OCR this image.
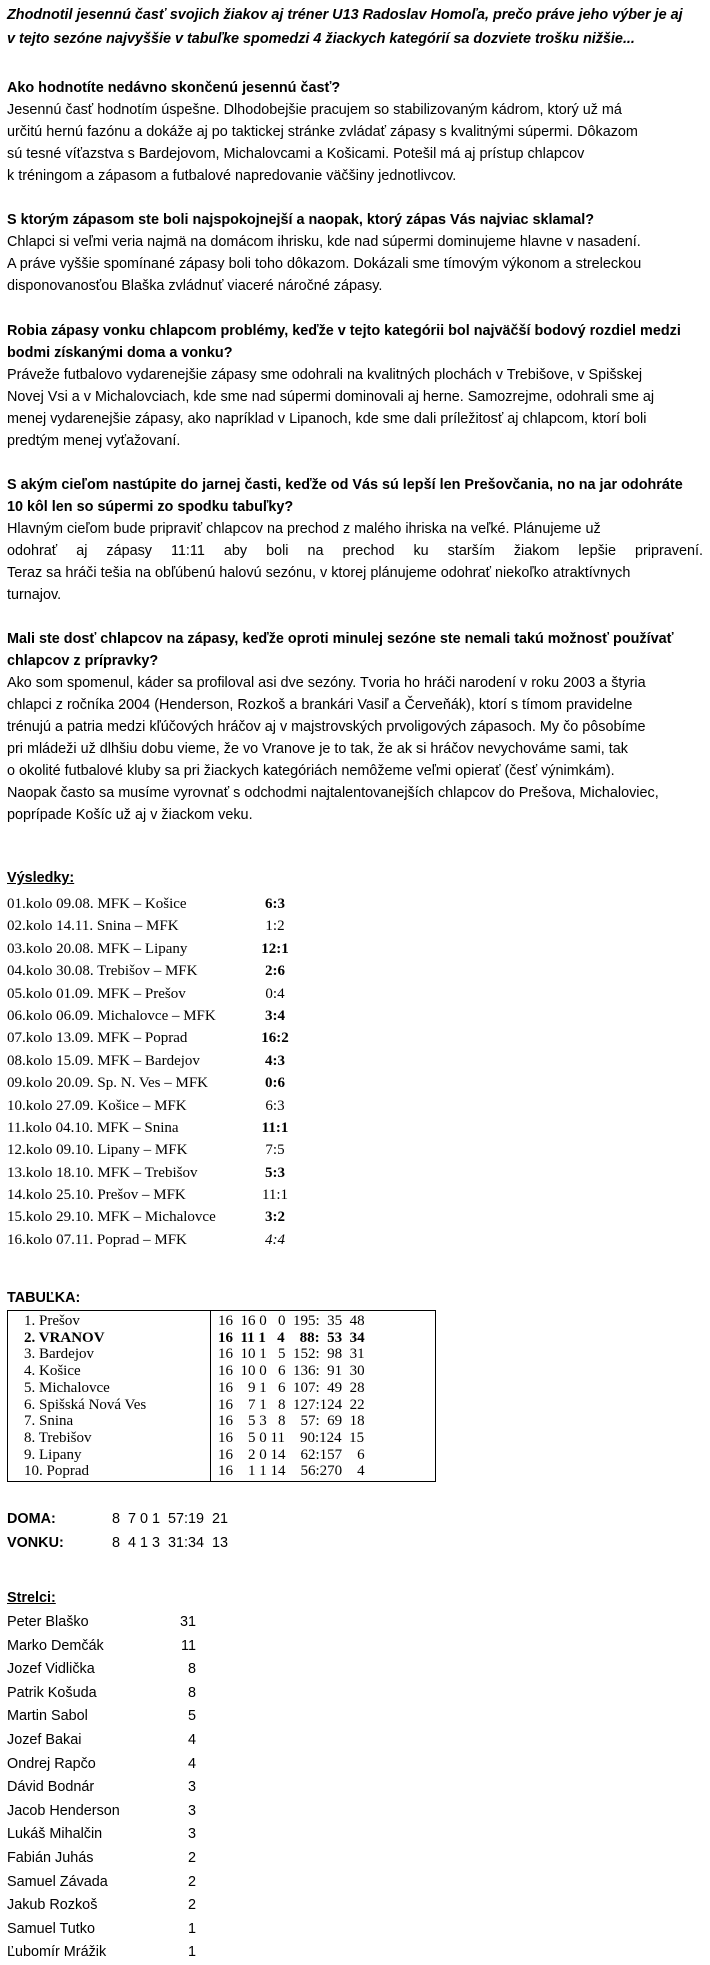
Zhodnotil jesennú časť svojich žiakov aj tréner U13 Radoslav Homoľa, prečo práve jeho výber je aj
v tejto sezóne najvyššie v tabuľke spomedzi 4 žiackych kategórií sa dozviete trošku nižšie...
Ako hodnotíte nedávno skončenú jesennú časť?
Jesennú časť hodnotím úspešne. Dlhodobejšie pracujem so stabilizovaným kádrom, ktorý už má
určitú hernú fazónu a dokáže aj po taktickej stránke zvládať zápasy s kvalitnými súpermi. Dôkazom
sú tesné víťazstva s Bardejovom, Michalovcami a Košicami. Potešil má aj prístup chlapcov
k tréningom a zápasom a futbalové napredovanie väčšiny jednotlivcov.
S ktorým zápasom ste boli najspokojnejší a naopak, ktorý zápas Vás najviac sklamal?
Chlapci si veľmi veria najmä na domácom ihrisku, kde nad súpermi dominujeme hlavne v nasadení.
A práve vyššie spomínané zápasy boli toho dôkazom. Dokázali sme tímovým výkonom a streleckou
disponovanosťou Blaška zvládnuť viaceré náročné zápasy.
Robia zápasy vonku chlapcom problémy, keďže v tejto kategórii bol najväčší bodový rozdiel medzi
bodmi získanými doma a vonku?
Práveže futbalovo vydarenejšie zápasy sme odohrali na kvalitných plochách v Trebišove, v Spišskej
Novej Vsi a v Michalovciach, kde sme nad súpermi dominovali aj herne. Samozrejme, odohrali sme aj
menej vydarenejšie zápasy, ako napríklad v Lipanoch, kde sme dali príležitosť aj chlapcom, ktorí boli
predtým menej vyťažovaní.
S akým cieľom nastúpite do jarnej časti, keďže od Vás sú lepší len Prešovčania, no na jar odohráte
10 kôl len so súpermi zo spodku tabuľky?
Hlavným cieľom bude pripraviť chlapcov na prechod z malého ihriska na veľké. Plánujeme už
odohrať aj zápasy 11:11 aby boli na prechod ku starším žiakom lepšie pripravení.
Teraz sa hráči tešia na obľúbenú halovú sezónu, v ktorej plánujeme odohrať niekoľko atraktívnych
turnajov.
Mali ste dosť chlapcov na zápasy, keďže oproti minulej sezóne ste nemali takú možnosť používať
chlapcov z prípravky?
Ako som spomenul, káder sa profiloval asi dve sezóny. Tvoria ho hráči narodení v roku 2003 a štyria
chlapci z ročníka 2004 (Henderson, Rozkoš a brankári Vasiľ a Červeňák), ktorí s tímom pravidelne
trénujú a patria medzi kľúčových hráčov aj v majstrovských prvoligových zápasoch. My čo pôsobíme
pri mládeži už dlhšiu dobu vieme, že vo Vranove je to tak, že ak si hráčov nevychováme sami, tak
o okolité futbalové kluby sa pri žiackych kategóriách nemôžeme veľmi opierať (česť výnimkám).
Naopak často sa musíme vyrovnať s odchodmi najtalentovanejších chlapcov do Prešova, Michaloviec,
poprípade Košíc už aj v žiackom veku.
Výsledky:
01.kolo 09.08. MFK – Košice	6:3
02.kolo 14.11. Snina – MFK	1:2
03.kolo 20.08. MFK – Lipany	12:1
04.kolo 30.08. Trebišov – MFK	2:6
05.kolo 01.09. MFK – Prešov	0:4
06.kolo 06.09. Michalovce – MFK	3:4
07.kolo 13.09. MFK – Poprad	16:2
08.kolo 15.09. MFK – Bardejov	4:3
09.kolo 20.09. Sp. N. Ves – MFK	0:6
10.kolo 27.09. Košice – MFK	6:3
11.kolo 04.10. MFK – Snina	11:1
12.kolo 09.10. Lipany – MFK	7:5
13.kolo 18.10. MFK – Trebišov	5:3
14.kolo 25.10. Prešov – MFK	11:1
15.kolo 29.10. MFK – Michalovce	3:2
16.kolo 07.11. Poprad – MFK	4:4
TABUĽKA:
1. Prešov	16  16 0   0  195:  35  48
2. VRANOV	16  11 1   4    88:  53  34
3. Bardejov	16  10 1   5  152:  98  31
4. Košice	16  10 0   6  136:  91  30
5. Michalovce	16    9 1   6  107:  49  28
6. Spišská Nová Ves	16    7 1   8  127:124  22
7. Snina	16    5 3   8    57:  69  18
8. Trebišov	16    5 0 11    90:124  15
9. Lipany	16    2 0 14    62:157    6
10. Poprad	16    1 1 14    56:270    4
DOMA:	8  7 0 1  57:19  21
VONKU:	8  4 1 3  31:34  13
Strelci:
Peter Blaško	31
Marko Demčák	11
Jozef Vidlička	8
Patrik Košuda	8
Martin Sabol	5
Jozef Bakai	4
Ondrej Rapčo	4
Dávid Bodnár	3
Jacob Henderson	3
Lukáš Mihalčin	3
Fabián Juhás	2
Samuel Závada	2
Jakub Rozkoš	2
Samuel Tutko	1
Ľubomír Mrážik	1
